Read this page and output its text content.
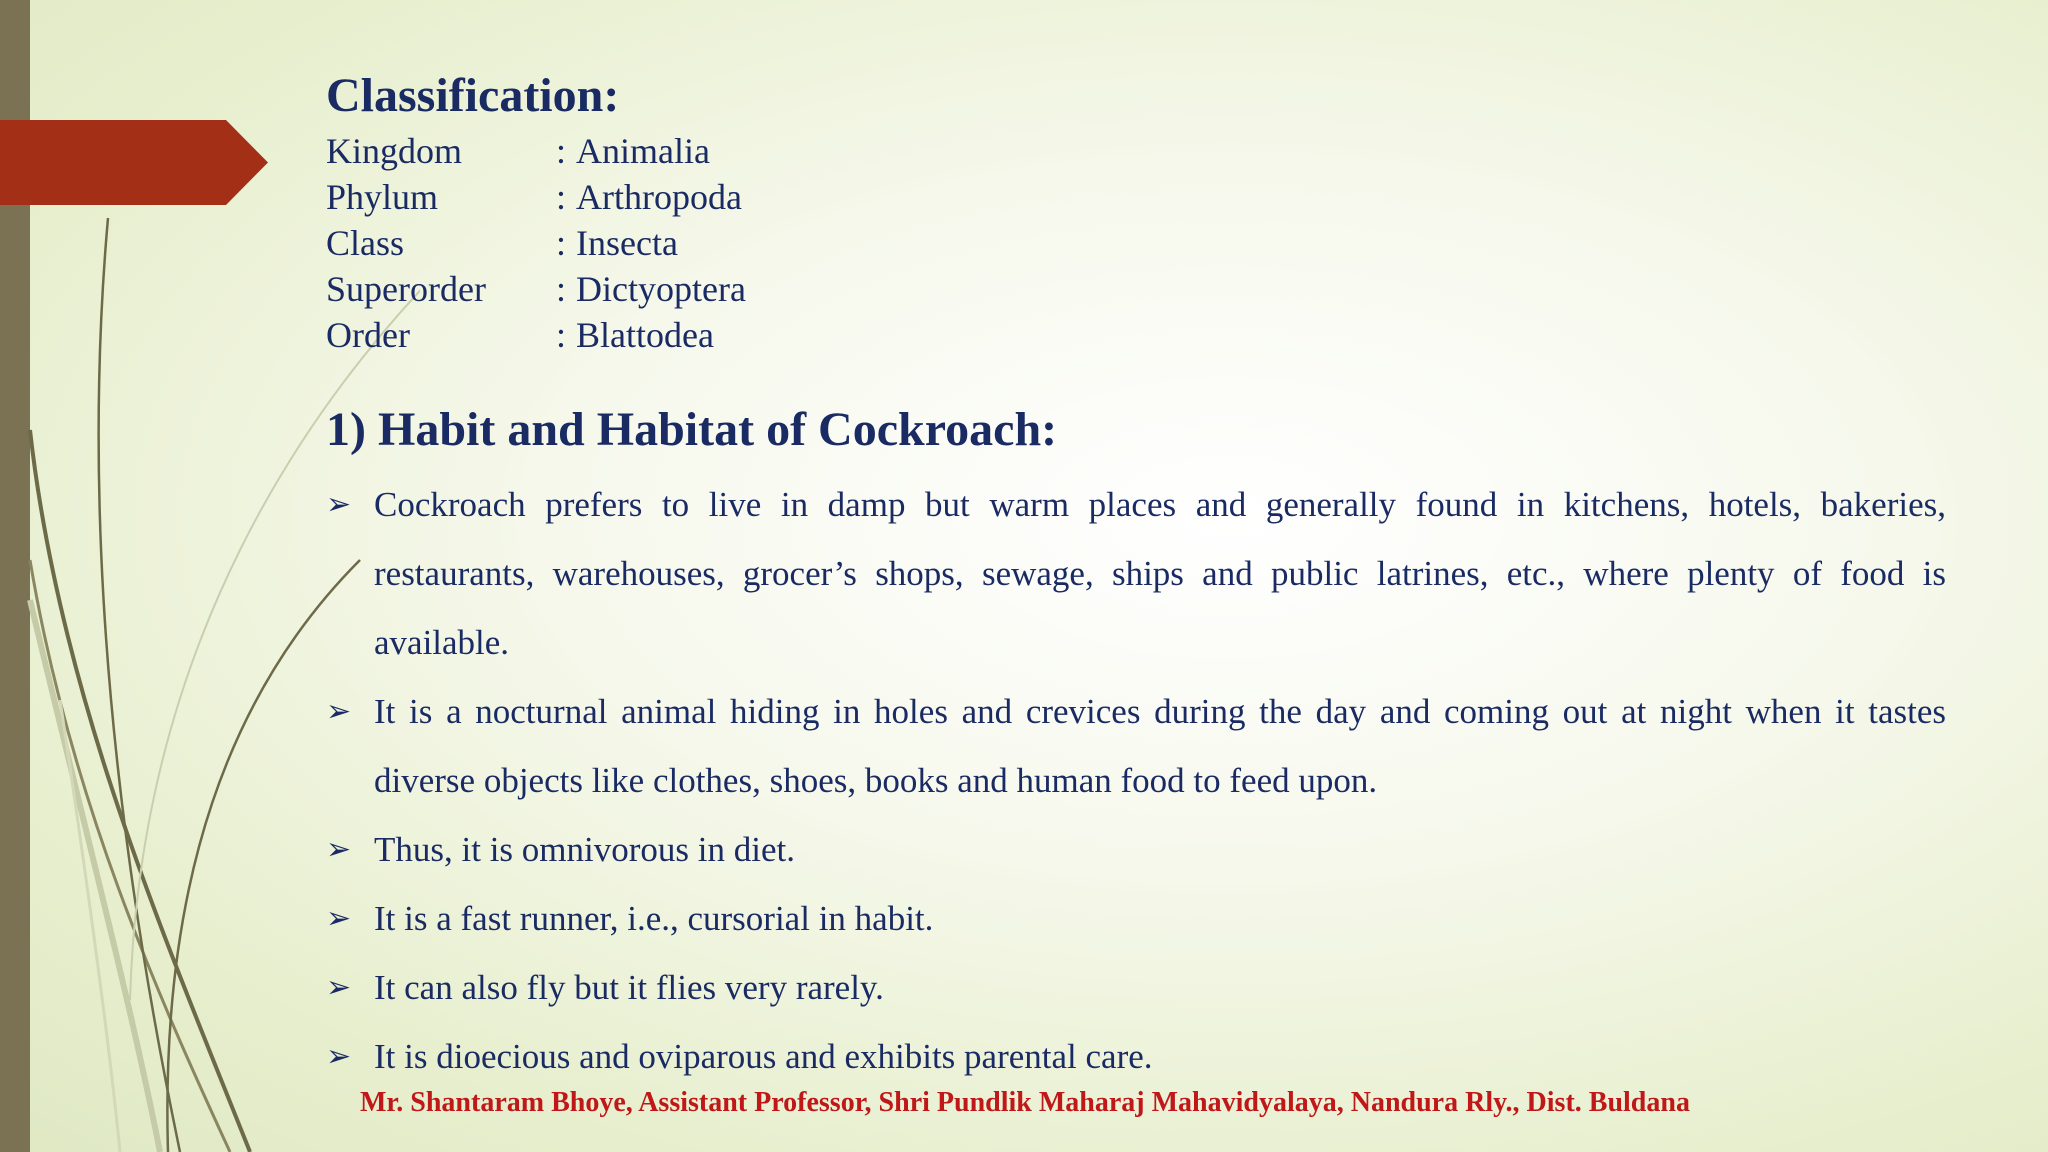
Classification:
Kingdom	: Animalia
Phylum	: Arthropoda
Class	: Insecta
Superorder : Dictyoptera
Order	: Blattodea
1) Habit and Habitat of Cockroach:
➢ Cockroach prefers to live in damp but warm places and generally found in kitchens, hotels, bakeries, restaurants, warehouses, grocer’s shops, sewage, ships and public latrines, etc., where plenty of food is available.
➢ It is a nocturnal animal hiding in holes and crevices during the day and coming out at night when it tastes diverse objects like clothes, shoes, books and human food to feed upon.
➢ Thus, it is omnivorous in diet.
➢ It is a fast runner, i.e., cursorial in habit.
➢ It can also fly but it flies very rarely.
➢ It is dioecious and oviparous and exhibits parental care.
Mr. Shantaram Bhoye, Assistant Professor, Shri Pundlik Maharaj Mahavidyalaya, Nandura Rly., Dist. Buldana
